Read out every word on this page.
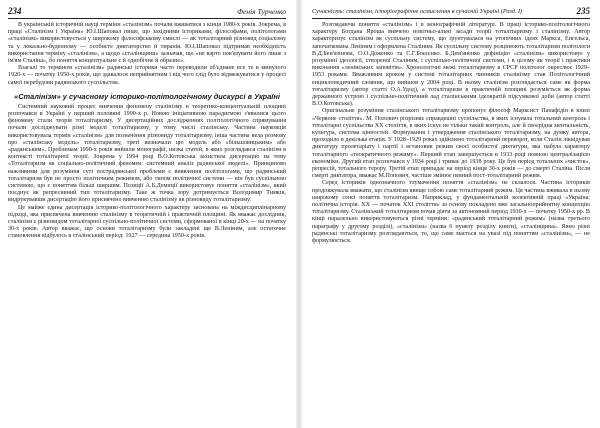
234	Фенія Турченко

В українській історичній науці терміни «сталінізм» почали вживатися з кінця 1980-х років. Зокрема, в праці «Сталінізм і Україна» Ю.І.Шаповал пише, що західними істориками, філософами, політологами «сталінізм» використовується у широкому філософському смислі — як тоталітарний різновид соціалізму та у локально-буденному — особисте диктаторство й тиранія. Ю.І.Шаповал підтримав необхідність використання терміну «сталінізм», а щодо «сталінщини» зазначав, що «не варто пов'язувати його лише з ім'ям Сталіна», бо поняття концептуальне є й однобічне й образне».

Взагалі то терміном «сталінізм» радянські історики часто переводили об'єднане все те в минулого 1920-х — початку 1950-х років, що здавалося неприйнятним і від чого слід було відмежуватися у процесі самої перебудови радянського суспільства.

«Сталінізм» у сучасному історико-політологічному дискурсі в Україні

Системний науковий процес вивчення феномену сталінізму в теоретико-концептуальній площині розпочався в Україні у перший половині 1990-х р. Новою ініціативною парадигмою з'явилися цього феномену стали теорія тоталітаризму. У дисертаційних дослідженнях політологічного спрямування почали досліджувати різні моделі тоталітаризму, у тому числі сталінську. Частина науковців використовувала термін «сталінізм» для позначення різновиду тоталітаризму, інша частина вела розмову про «сталінську модель» тоталітаризму, треті визначали цю модель або «більшовицьким» або «радянським». Проблемам 1990-х років вийшли монографії, низка статей, в яких розглядався сталінізм в контексті тоталітарної теорії. Зокрема у 1994 році В.О.Котовська захистила дисертацію на тему «Тоталітаризм як соціально-політичний феномен: системний аналіз радянської моделі». Принципово важливими для розуміння суті пострадянської проблеми є виявлення політологами, що радянський тоталітаризм був не просто політичним режимом, або типом політичної системи — він був суспільною системою, що є поняттям більш ширшим. Позиції А.Б.Демиції використовує поняття «сталінізм», який поєднує як репресивний тип тоталітаризму. Таке ж точка зору дотримується Володимир Тимків, видрукувавши дисертацію його присвячено вивченню сталінізму як різновиду тоталітаризму.

Це майже єдина дисертація історико-політологічного характеру заснована на міждисциплінарному підході, яка присвячена вивченню сталінізму в теоретичній і практичній площині. Як вважає дослідник, сталінізм є різновидом тоталітарної суспільно-політичної системи, сформованої в кінці 20-х — на початку 30-х років. Автор вважає, що основи тоталітаризму були закладені ще В.Леніним, але остаточне становлення відбулось в сталінський період: 1927 — середина 1950-х років.

Сучасність: сталінізм, історіографічне осмислення в сучасній Україні (Розд. І)	235

Розглядаючи поняття «сталінізм» і в монографічній літературі. В праці історико-політологічного характеру Богдана Яроша вивчено новітньо-альні засади теорії тоталітаризму і сталінізму. Автор характеризує сталінізм як суспільну систему, що ґрунтувалася на утопічних ідеях Маркса, Енгельса, започаткована Леніним і оформлена Сталіним. Як суспільну систему розцінюють тоталітаризм політологи В.Д.Бен'язінова, О.О.Доженко та С.Г.Боєєєнко. Б.Дем'яненко дефініцію «сталінізм» використовує у розумінні ідеології, створеної Сталіним, і суспільно-політичної системи, і в цілому як теорії і практики виконання «ленінських заповітів». Хронологічні межі тоталітаризму в СРСР політолог окреслює 1929–1953 роками. Вважливим кроком у системі тоталітарних чинників сталінізму став Політологічний енциклопедичний словник, що вийшов у 2004 році. В ньому сталінізм розглядається саме як форма тоталітаризму (автор статті О.А.Удод), а тоталітаризм в практичній площині розуміється як форма державного устрою і суспільно-політичний лад сталінськими ідеократій підсумкової доби (автор статті В.О.Котовська).

Оригінальне розуміння сталінського тоталітаризму пропонує філософ Марксист Панафідін в книзі «Червоне століття». М. Попович розрізняє справдешні суспільства, в яких існувала тотальний контроль і тоталітарні суспільства XX століття, в яких існує не тільки такий контроль, але й своєрідна ментальність, культура, система цінностей. Формування і утвердження сталінського тоталітаризму, на думку автора, проходило в декілька етапів. У 1928–1929 роках здійснено тоталітарний переворот, коли Сталін ліквідував диктатуру пролетаріату і партії і встановив режим своєї особистої диктатури, яка набула характеру тоталітарного «теократичного режиму». Перший етап завершується в 1933 році повною централізацією економіки. Другий етап розпочався у 1934 році і триває до 1938 року. Це був період тотальних «чисток», репресій, тотального терору. Третій етап припадає на період кінця 30-х років — до смерті Сталіна. Після смерті диктатора, вважає М.Попович, частіше змінює певний пост-тоталітарний режим.

Серед істориків однозначного тлумачення поняття «сталінізм» не склалося. Частина істориків продовжувала вважати, що сталінізм явище собою саме тоталітарний режим. Ця частина вживала в ньому широкому сенсі поняття тоталітаризм. Наприклад, у фундаментальній колективній праці «Україна: політична історія. XX — початок XXI століття» за основу покладено вже загальноприйнятну концепцію тоталітаризму. Сталінський тоталітаризм почав діяти за автономний період 1930-х — початку 1950-х рр. В кінці паралельно використовуються різні терміни: «радянський тоталітарний режим» (назва третього параграфу у другому розділі), «сталінізм» (назва 6 пункту розділу книги), «сталінщина». Явно різні радянські тоталітаризму розглядаються, то, що саме мається на увазі під поняттям «сталінізм», — не формулюється.
